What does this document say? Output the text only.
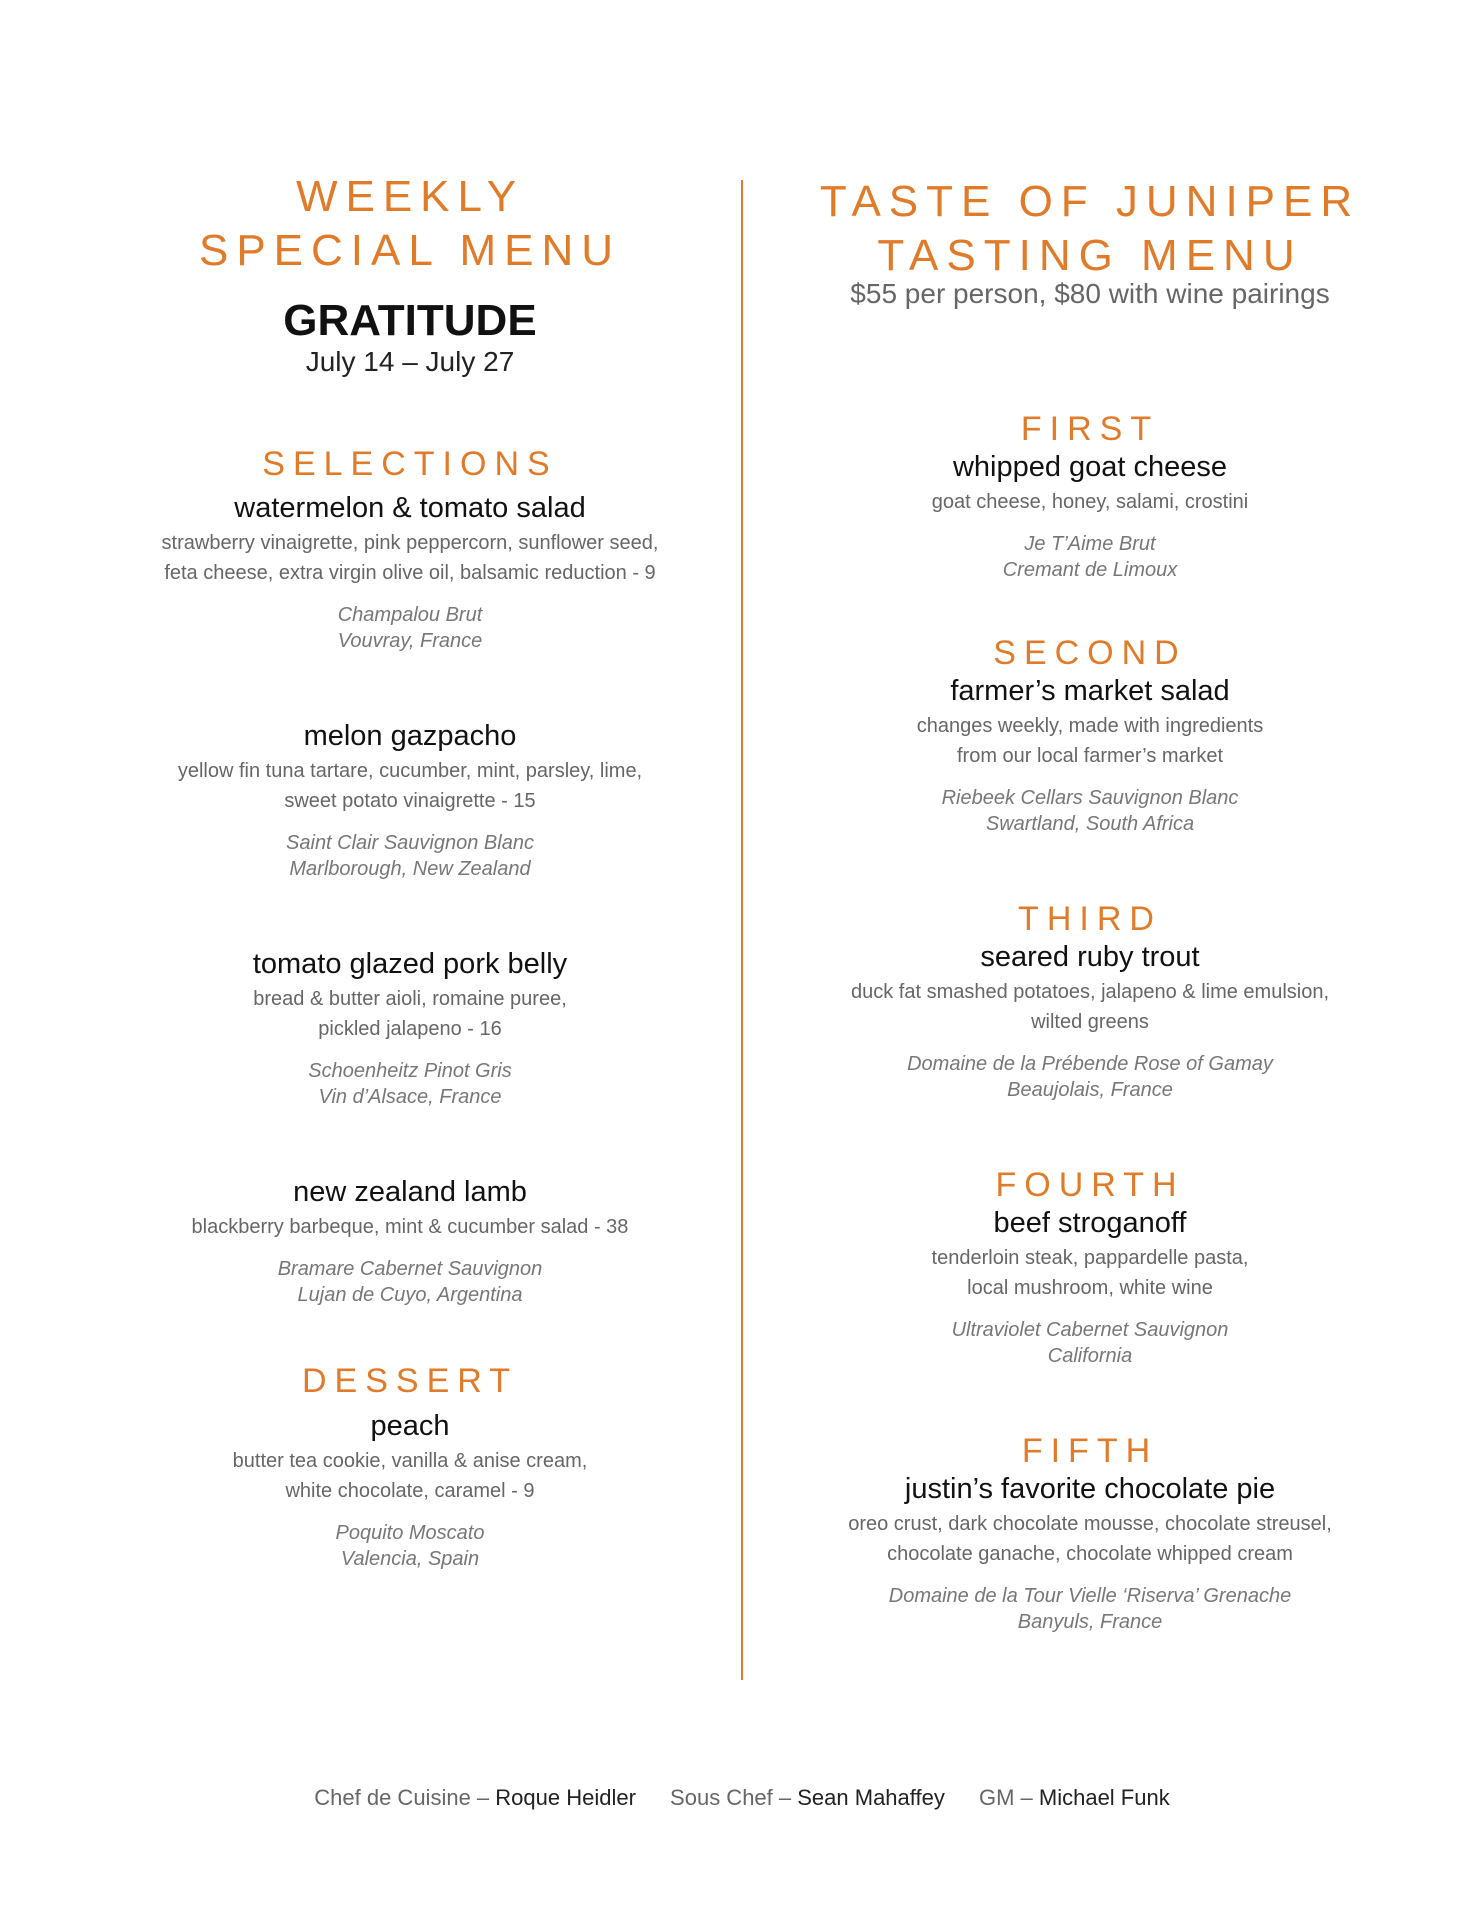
WEEKLY
SPECIAL MENU
GRATITUDE
July 14 – July 27
SELECTIONS
watermelon & tomato salad
strawberry vinaigrette, pink peppercorn, sunflower seed,
feta cheese, extra virgin olive oil, balsamic reduction - 9
Champalou Brut
Vouvray, France
melon gazpacho
yellow fin tuna tartare, cucumber, mint, parsley, lime,
sweet potato vinaigrette - 15
Saint Clair Sauvignon Blanc
Marlborough, New Zealand
tomato glazed pork belly
bread & butter aioli, romaine puree,
pickled jalapeno - 16
Schoenheitz Pinot Gris
Vin d’Alsace, France
new zealand lamb
blackberry barbeque, mint & cucumber salad - 38
Bramare Cabernet Sauvignon
Lujan de Cuyo, Argentina
DESSERT
peach
butter tea cookie, vanilla & anise cream,
white chocolate, caramel - 9
Poquito Moscato
Valencia, Spain
TASTE OF JUNIPER
TASTING MENU
$55 per person, $80 with wine pairings
FIRST
whipped goat cheese
goat cheese, honey, salami, crostini
Je T’Aime Brut
Cremant de Limoux
SECOND
farmer’s market salad
changes weekly, made with ingredients
from our local farmer’s market
Riebeek Cellars Sauvignon Blanc
Swartland, South Africa
THIRD
seared ruby trout
duck fat smashed potatoes, jalapeno & lime emulsion,
wilted greens
Domaine de la Prébende Rose of Gamay
Beaujolais, France
FOURTH
beef stroganoff
tenderloin steak, pappardelle pasta,
local mushroom, white wine
Ultraviolet Cabernet Sauvignon
California
FIFTH
justin’s favorite chocolate pie
oreo crust, dark chocolate mousse, chocolate streusel,
chocolate ganache, chocolate whipped cream
Domaine de la Tour Vielle ‘Riserva’ Grenache
Banyuls, France
Chef de Cuisine – Roque Heidler Sous Chef – Sean Mahaffey GM – Michael Funk
